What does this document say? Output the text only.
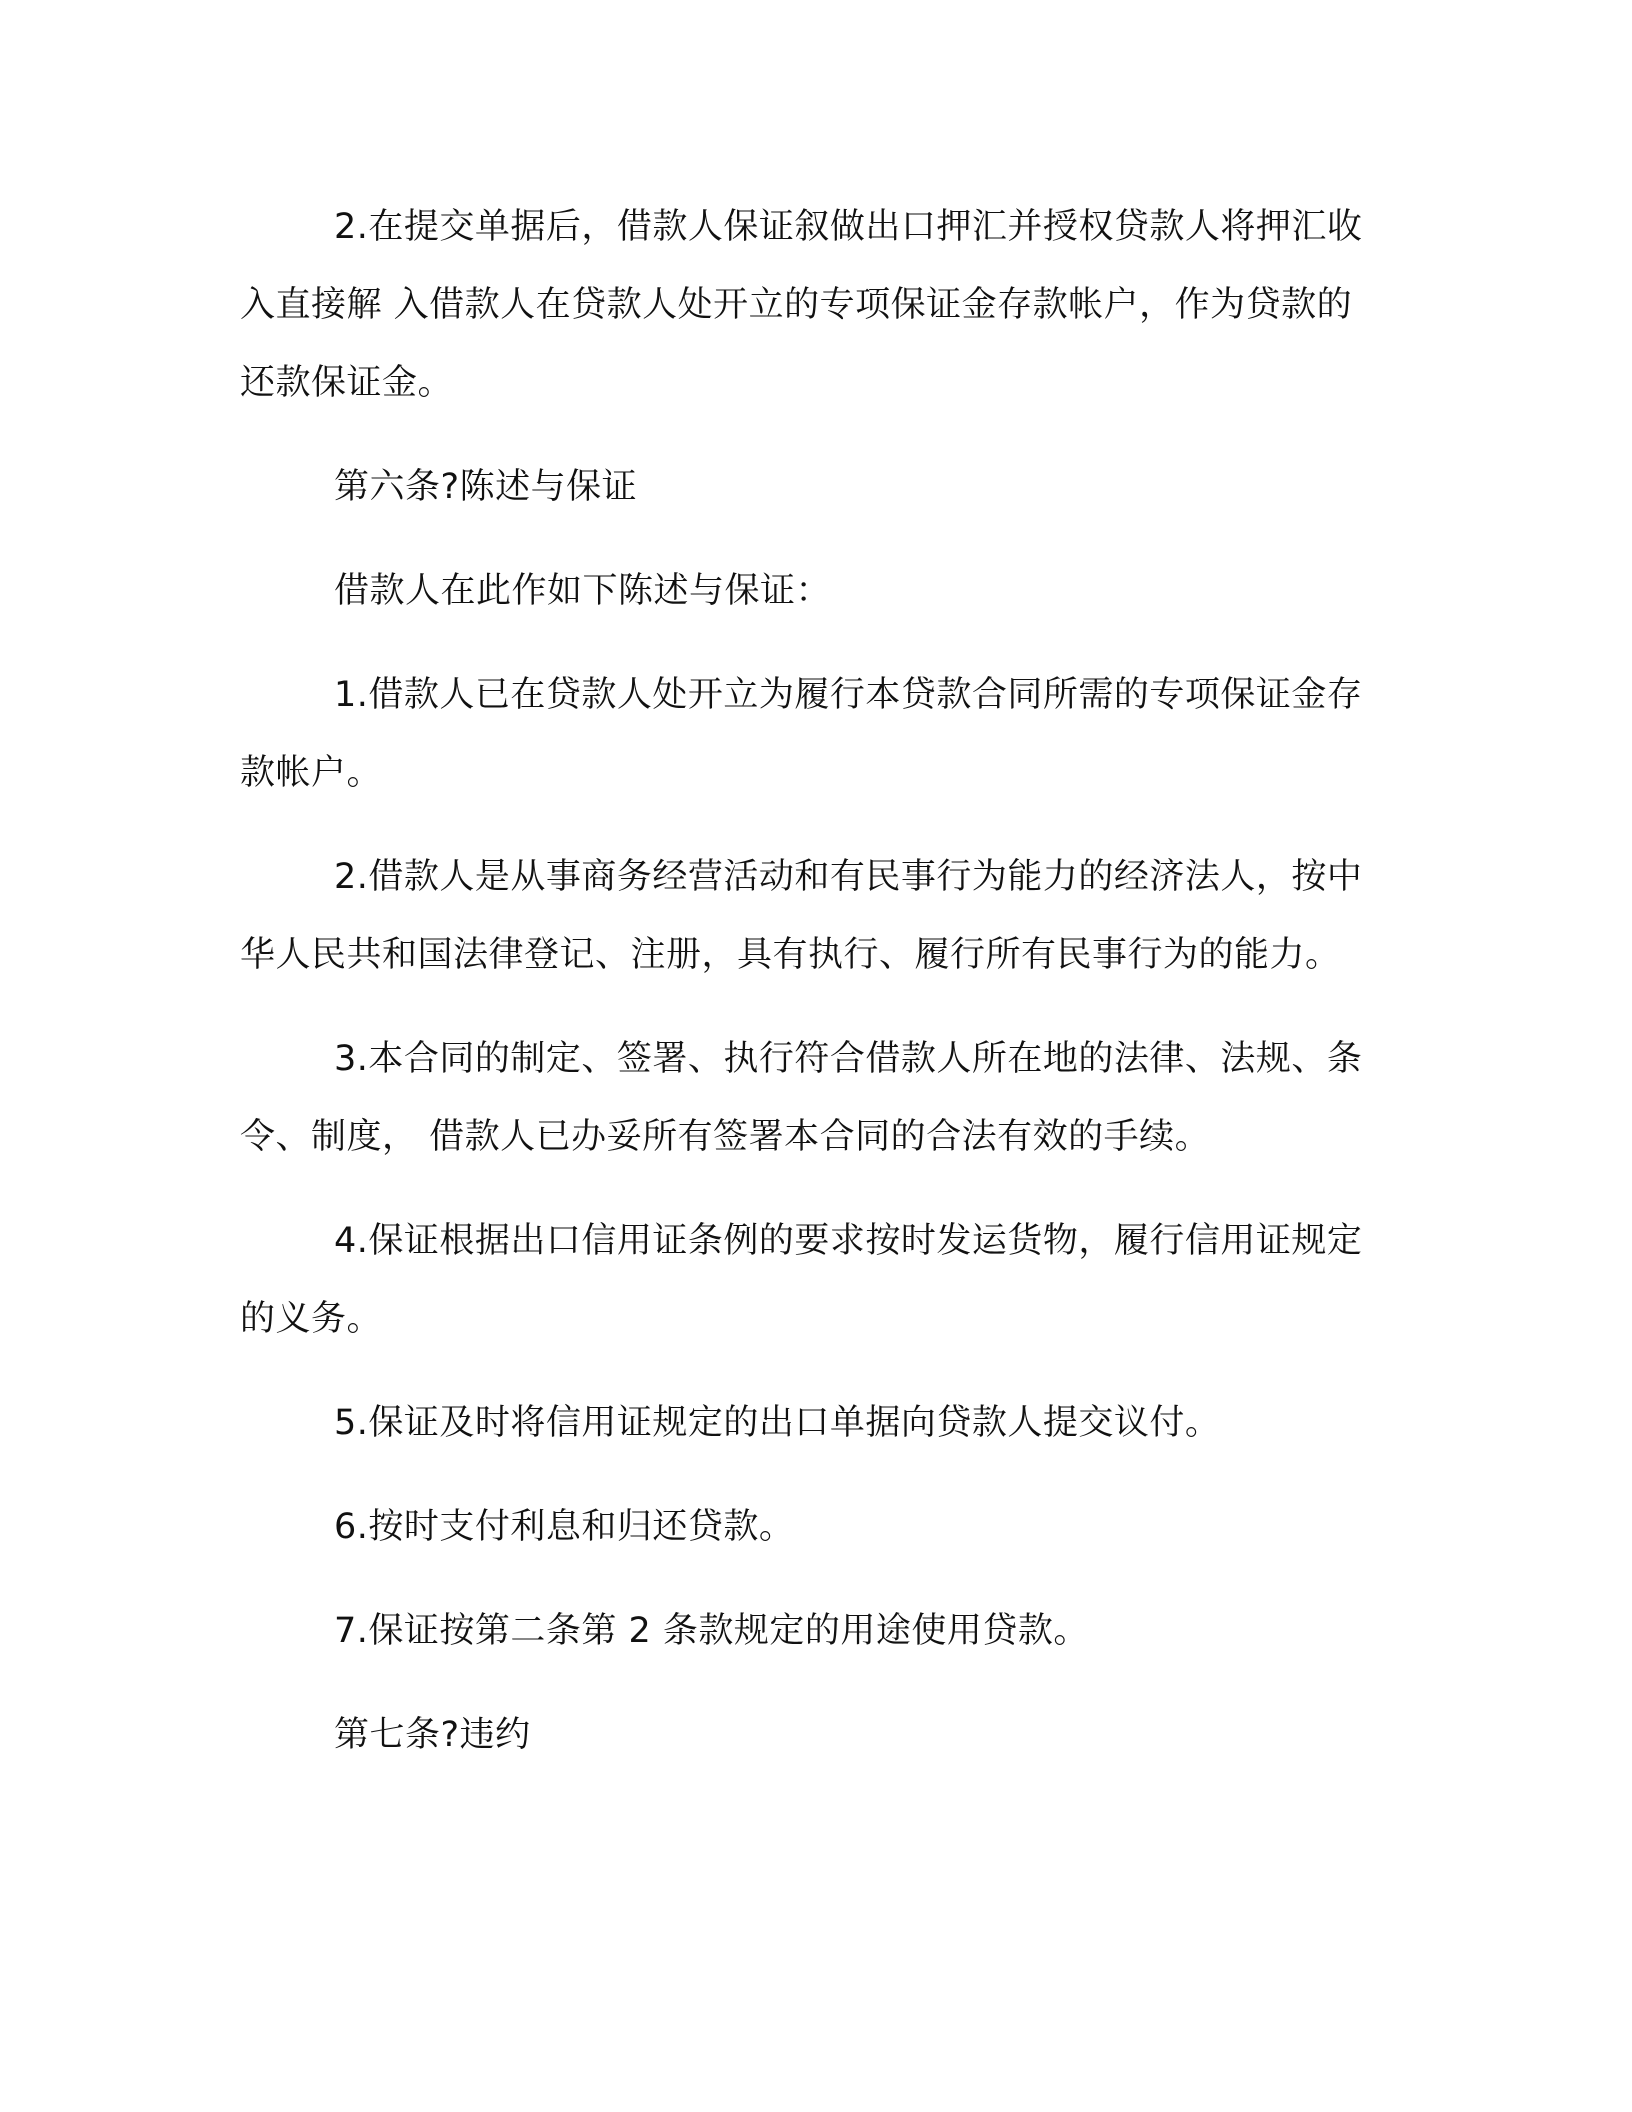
2.在提交单据后，借款人保证叙做出口押汇并授权贷款人将押汇收入直接解 入借款人在贷款人处开立的专项保证金存款帐户，作为贷款的还款保证金。

第六条?陈述与保证

借款人在此作如下陈述与保证：

1.借款人已在贷款人处开立为履行本贷款合同所需的专项保证金存款帐户。

2.借款人是从事商务经营活动和有民事行为能力的经济法人，按中华人民共和国法律登记、注册，具有执行、履行所有民事行为的能力。

3.本合同的制定、签署、执行符合借款人所在地的法律、法规、条令、制度， 借款人已办妥所有签署本合同的合法有效的手续。

4.保证根据出口信用证条例的要求按时发运货物，履行信用证规定的义务。

5.保证及时将信用证规定的出口单据向贷款人提交议付。

6.按时支付利息和归还贷款。

7.保证按第二条第 2 条款规定的用途使用贷款。

第七条?违约
